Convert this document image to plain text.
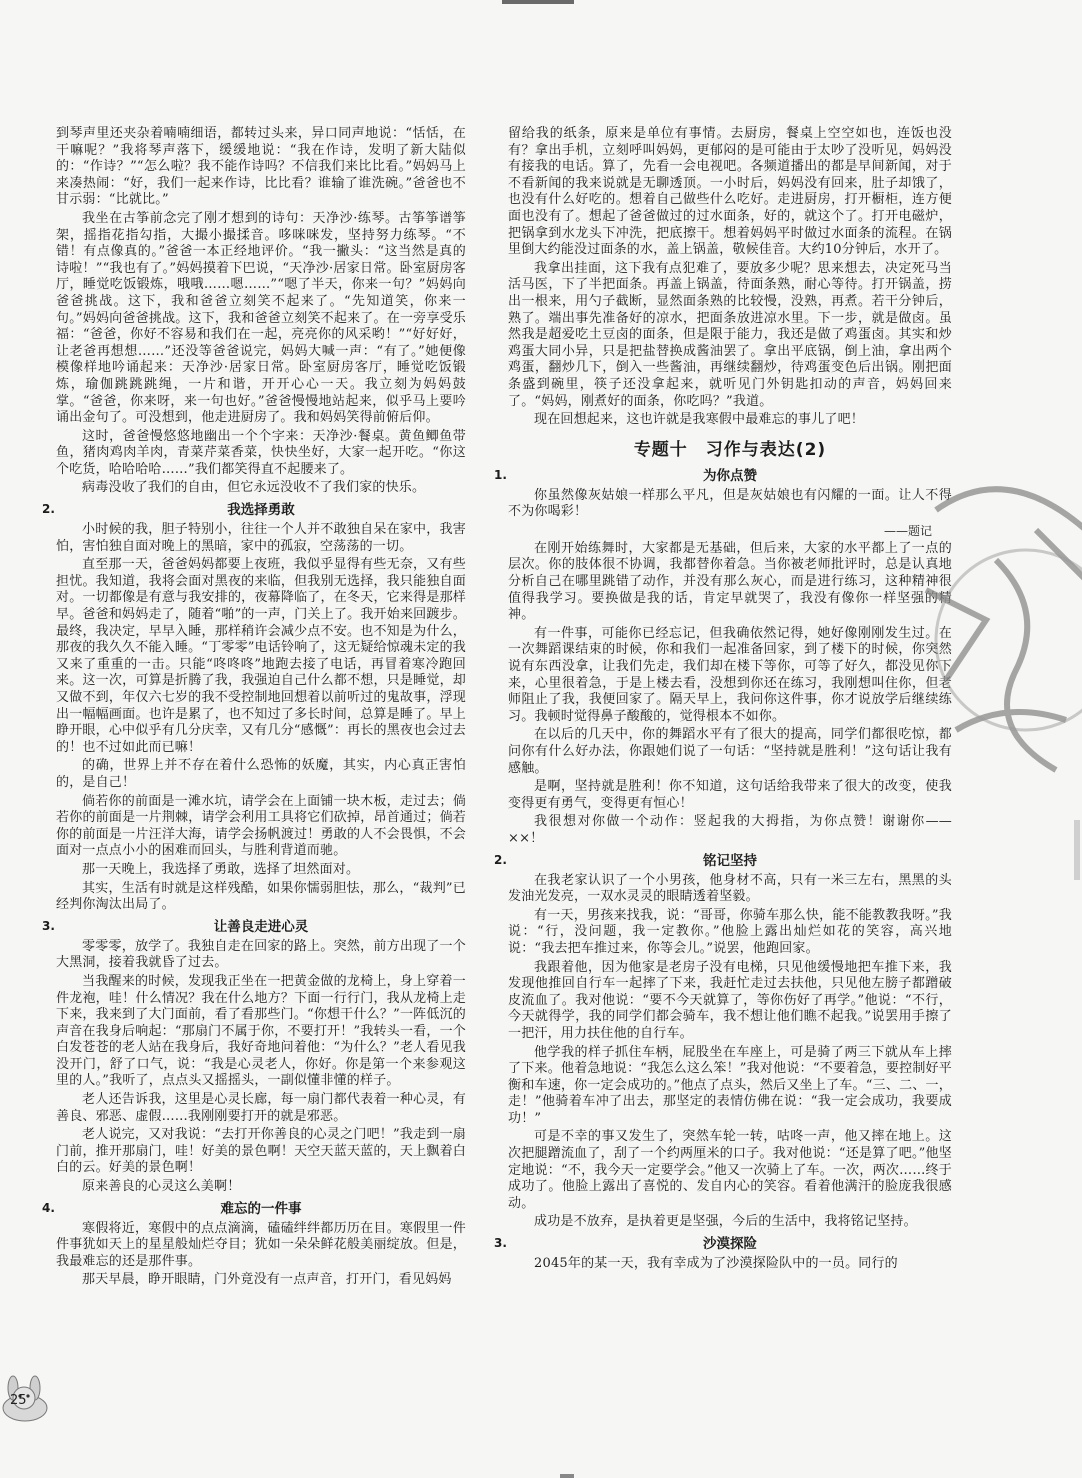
到琴声里还夹杂着喃喃细语，都转过头来，异口同声地说：“恬恬，在干嘛呢？”我将琴声落下，缓缓地说：“我在作诗，发明了新大陆似的：“作诗？”“怎么啦？我不能作诗吗？不信我们来比比看。”妈妈马上来凑热闹：“好，我们一起来作诗，比比看？谁输了谁洗碗。”爸爸也不甘示弱：“比就比。”

我坐在古筝前念完了刚才想到的诗句：天净沙·练琴。古筝筝谱筝架，摇指花指勾指，大撮小撮揉音。哆咪咪发，坚持努力练琴。“不错！有点像真的。”爸爸一本正经地评价。“我一撇头：“这当然是真的诗啦！”“我也有了。”妈妈摸着下巴说，“天净沙·居家日常。卧室厨房客厅，睡觉吃饭锻炼，哦哦……嗯……”“嗯了半天，你来一句？”妈妈向爸爸挑战。这下，我和爸爸立刻笑不起来了。“先知道笑，你来一句。”妈妈向爸爸挑战。这下，我和爸爸立刻笑不起来了。在一旁享受乐福：“爸爸，你好不容易和我们在一起，亮亮你的风采哟！”“好好好，让老爸再想想……”还没等爸爸说完，妈妈大喊一声：“有了。”她便像模像样地吟诵起来：天净沙·居家日常。卧室厨房客厅，睡觉吃饭锻炼，瑜伽跳跳跳绳，一片和谐，开开心心一天。我立刻为妈妈鼓掌。“爸爸，你来呀，来一句也好。”爸爸慢慢地站起来，似乎马上要吟诵出金句了。可没想到，他走进厨房了。我和妈妈笑得前俯后仰。

这时，爸爸慢悠悠地幽出一个个字来：天净沙·餐桌。黄鱼鲫鱼带鱼，猪肉鸡肉羊肉，青菜芹菜香菜，快快坐好，大家一起开吃。“你这个吃货，哈哈哈哈……”我们都笑得直不起腰来了。

病毒没收了我们的自由，但它永远没收不了我们家的快乐。

2.	我选择勇敢

小时候的我，胆子特别小，往往一个人并不敢独自呆在家中，我害怕，害怕独自面对晚上的黑暗，家中的孤寂，空荡荡的一切。

直至那一天，爸爸妈妈都要上夜班，我似乎显得有些无奈，又有些担忧。我知道，我将会面对黑夜的来临，但我别无选择，我只能独自面对。一切都像是有意与我安排的，夜幕降临了，在冬天，它来得是那样早。爸爸和妈妈走了，随着“啪”的一声，门关上了。我开始来回踱步。最终，我决定，早早入睡，那样稍许会减少点不安。也不知是为什么，那夜的我久久不能入睡。“丁零零”电话铃响了，这无疑给惊魂未定的我又来了重重的一击。只能“咚咚咚”地跑去接了电话，再冒着寒冷跑回来。这一次，可算是折腾了我，我强迫自己什么都不想，只是睡觉，却又做不到，年仅六七岁的我不受控制地回想着以前听过的鬼故事，浮现出一幅幅画面。也许是累了，也不知过了多长时间，总算是睡了。早上睁开眼，心中似乎有几分庆幸，又有几分“感慨”：再长的黑夜也会过去的！也不过如此而已嘛！

的确，世界上并不存在着什么恐怖的妖魔，其实，内心真正害怕的，是自己！

倘若你的前面是一滩水坑，请学会在上面铺一块木板，走过去；倘若你的前面是一片荆棘，请学会利用工具将它们砍掉，昂首通过；倘若你的前面是一片汪洋大海，请学会扬帆渡过！勇敢的人不会畏惧，不会面对一点点小小的困难而回头，与胜利背道而驰。

那一天晚上，我选择了勇敢，选择了坦然面对。

其实，生活有时就是这样残酷，如果你懦弱胆怯，那么，“裁判”已经判你淘汰出局了。

3.	让善良走进心灵

零零零，放学了。我独自走在回家的路上。突然，前方出现了一个大黑洞，接着我就昏了过去。

当我醒来的时候，发现我正坐在一把黄金做的龙椅上，身上穿着一件龙袍，哇！什么情况？我在什么地方？下面一行行门，我从龙椅上走下来，我来到了大门面前，看了看那些门。“你想干什么？”一阵低沉的声音在我身后响起：“那扇门不属于你，不要打开！”我转头一看，一个白发苍苍的老人站在我身后，我好奇地问着他：“为什么？”老人看见我没开门，舒了口气，说：“我是心灵老人，你好。你是第一个来参观这里的人。”我听了，点点头又摇摇头，一副似懂非懂的样子。

老人还告诉我，这里是心灵长廊，每一扇门都代表着一种心灵，有善良、邪恶、虚假……我刚刚要打开的就是邪恶。

老人说完，又对我说：“去打开你善良的心灵之门吧！”我走到一扇门前，推开那扇门，哇！好美的景色啊！天空天蓝天蓝的，天上飘着白白的云。好美的景色啊！

原来善良的心灵这么美啊！

4.	难忘的一件事

寒假将近，寒假中的点点滴滴，磕磕绊绊都历历在目。寒假里一件件事犹如天上的星星般灿烂夺目；犹如一朵朵鲜花般美丽绽放。但是，我最难忘的还是那件事。

那天早晨，睁开眼睛，门外竟没有一点声音，打开门，看见妈妈

留给我的纸条，原来是单位有事情。去厨房，餐桌上空空如也，连饭也没有？拿出手机，立刻呼叫妈妈，更郁闷的是可能由于太吵了没听见，妈妈没有接我的电话。算了，先看一会电视吧。各频道播出的都是早间新闻，对于不看新闻的我来说就是无聊透顶。一小时后，妈妈没有回来，肚子却饿了，也没有什么好吃的。想着自己做些什么吃好。走进厨房，打开橱柜，连方便面也没有了。想起了爸爸做过的过水面条，好的，就这个了。打开电磁炉，把锅拿到水龙头下冲洗，把底擦干。想着妈妈平时做过水面条的流程。在锅里倒大约能没过面条的水，盖上锅盖，敬候佳音。大约10分钟后，水开了。

我拿出挂面，这下我有点犯难了，要放多少呢？思来想去，决定死马当活马医，下了半把面条。再盖上锅盖，待面条熟，耐心等待。打开锅盖，捞出一根来，用勺子截断，显然面条熟的比较慢，没熟，再煮。若干分钟后，熟了。端出事先准备好的凉水，把面条放进凉水里。下一步，就是做卤。虽然我是超爱吃土豆卤的面条，但是限于能力，我还是做了鸡蛋卤。其实和炒鸡蛋大同小异，只是把盐替换成酱油罢了。拿出平底锅，倒上油，拿出两个鸡蛋，翻炒几下，倒入一些酱油，再继续翻炒，待鸡蛋变色后出锅。刚把面条盛到碗里，筷子还没拿起来，就听见门外钥匙扣动的声音，妈妈回来了。“妈妈，刚煮好的面条，你吃吗？”我道。

现在回想起来，这也许就是我寒假中最难忘的事儿了吧！

专题十　习作与表达(2)
1.	为你点赞

你虽然像灰姑娘一样那么平凡，但是灰姑娘也有闪耀的一面。让人不得不为你喝彩！

——题记

在刚开始练舞时，大家都是无基础，但后来，大家的水平都上了一点的层次。你的肢体很不协调，我都替你着急。当你被老师批评时，总是认真地分析自己在哪里跳错了动作，并没有那么灰心，而是进行练习，这种精神很值得我学习。要换做是我的话，肯定早就哭了，我没有像你一样坚强的精神。

有一件事，可能你已经忘记，但我确依然记得，她好像刚刚发生过。在一次舞蹈课结束的时候，你和我们一起准备回家，到了楼下的时候，你突然说有东西没拿，让我们先走，我们却在楼下等你，可等了好久，都没见你下来，心里很着急，于是上楼去看，没想到你还在练习，我刚想叫住你，但老师阻止了我，我便回家了。隔天早上，我问你这件事，你才说放学后继续练习。我顿时觉得鼻子酸酸的，觉得根本不如你。

在以后的几天中，你的舞蹈水平有了很大的提高，同学们都很吃惊，都问你有什么好办法，你跟她们说了一句话：“坚持就是胜利！”这句话让我有感触。

是啊，坚持就是胜利！你不知道，这句话给我带来了很大的改变，使我变得更有勇气，变得更有恒心！

我很想对你做一个动作：竖起我的大拇指，为你点赞！谢谢你——××！

2.	铭记坚持

在我老家认识了一个小男孩，他身材不高，只有一米三左右，黑黑的头发油光发亮，一双水灵灵的眼睛透着坚毅。

有一天，男孩来找我，说：“哥哥，你骑车那么快，能不能教教我呀。”我说：“行，没问题，我一定教你。”他脸上露出灿烂如花的笑容，高兴地说：“我去把车推过来，你等会儿。”说罢，他跑回家。

我跟着他，因为他家是老房子没有电梯，只见他缓慢地把车推下来，我发现他推回自行车一起摔了下来，我赶忙走过去扶他，只见他左膀子都蹭破皮流血了。我对他说：“要不今天就算了，等你伤好了再学。”他说：“不行，今天就得学，我的同学们都会骑车，我不想让他们瞧不起我。”说罢用手擦了一把汗，用力扶住他的自行车。

他学我的样子抓住车柄，屁股坐在车座上，可是骑了两三下就从车上摔了下来。他着急地说：“我怎么这么笨！”我对他说：“不要着急，要控制好平衡和车速，你一定会成功的。”他点了点头，然后又坐上了车。“三、二、一，走！”他骑着车冲了出去，那坚定的表情仿佛在说：“我一定会成功，我要成功！”

可是不幸的事又发生了，突然车轮一转，咕咚一声，他又摔在地上。这次把腿蹭流血了，刮了一个约两厘米的口子。我对他说：“还是算了吧。”他坚定地说：“不，我今天一定要学会。”他又一次骑上了车。一次，两次……终于成功了。他脸上露出了喜悦的、发自内心的笑容。看着他满汗的脸庞我很感动。

成功是不放弃，是执着更是坚强，今后的生活中，我将铭记坚持。

3.	沙漠探险

2045年的某一天，我有幸成为了沙漠探险队中的一员。同行的

25
